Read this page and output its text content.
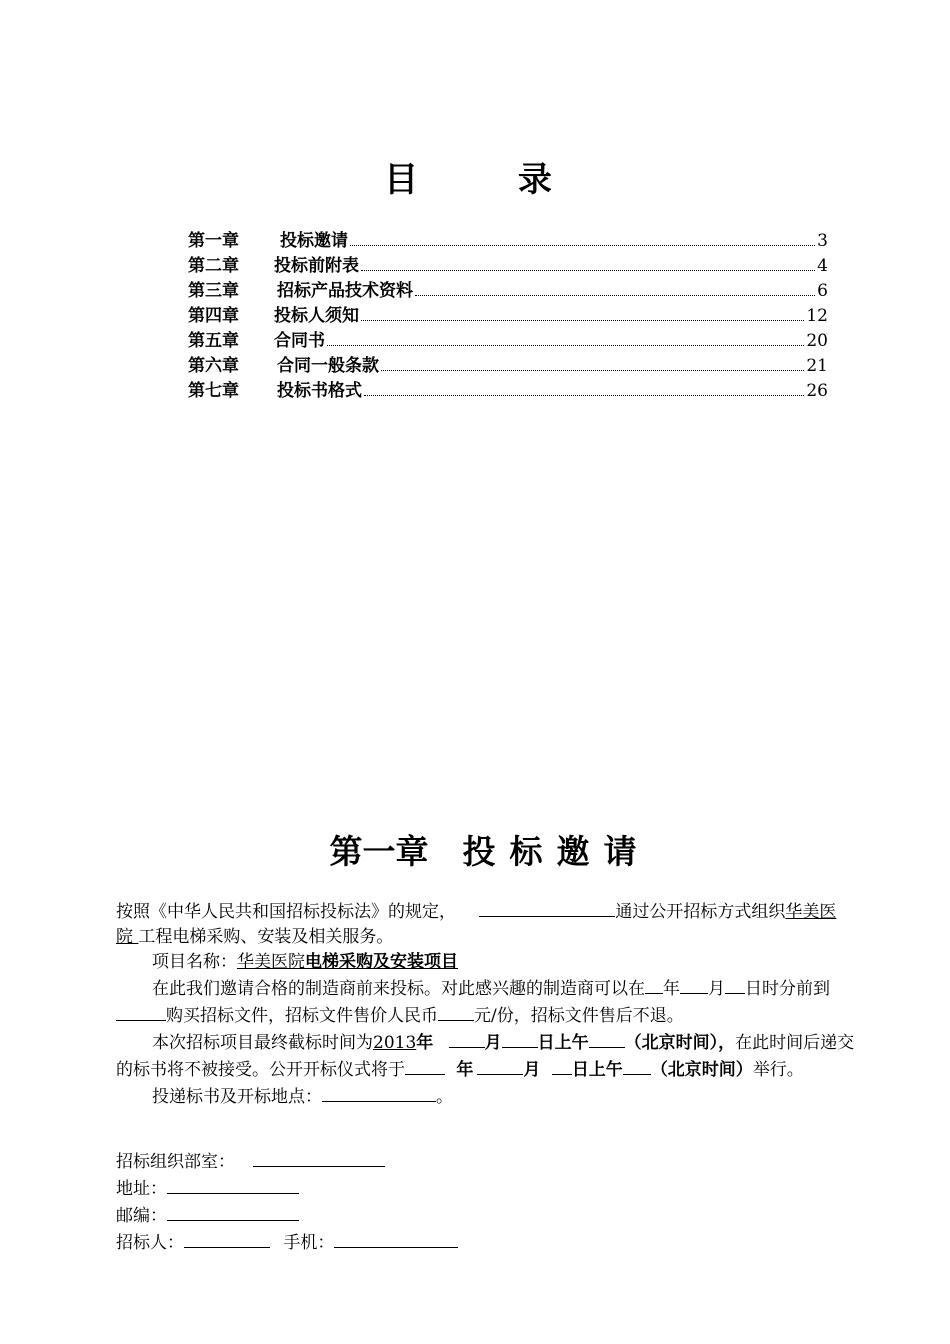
目 录
第一章	投标邀请	3
第二章	投标前附表	4
第三章	招标产品技术资料	6
第四章	投标人须知	12
第五章	合同书	20
第六章	合同一般条款	21
第七章	投标书格式	26
第一章 投标邀请

按照《中华人民共和国招标投标法》的规定，	通过公开招标方式组织华美医院 工程电梯采购、安装及相关服务。

项目名称：华美医院电梯采购及安装项目

在此我们邀请合格的制造商前来投标。对此感兴趣的制造商可以在 年 月 日时分前到购买招标文件，招标文件售价人民币 元/份，招标文件售后不退。

本次招标项目最终截标时间为2013年	月 日上午 （北京时间），在此时间后递交的标书将不被接受。公开开标仪式将于	年	月 日上午 （北京时间）举行。

投递标书及开标地点：	。

招标组织部室：

地址：

邮编：

招标人：	手机：
